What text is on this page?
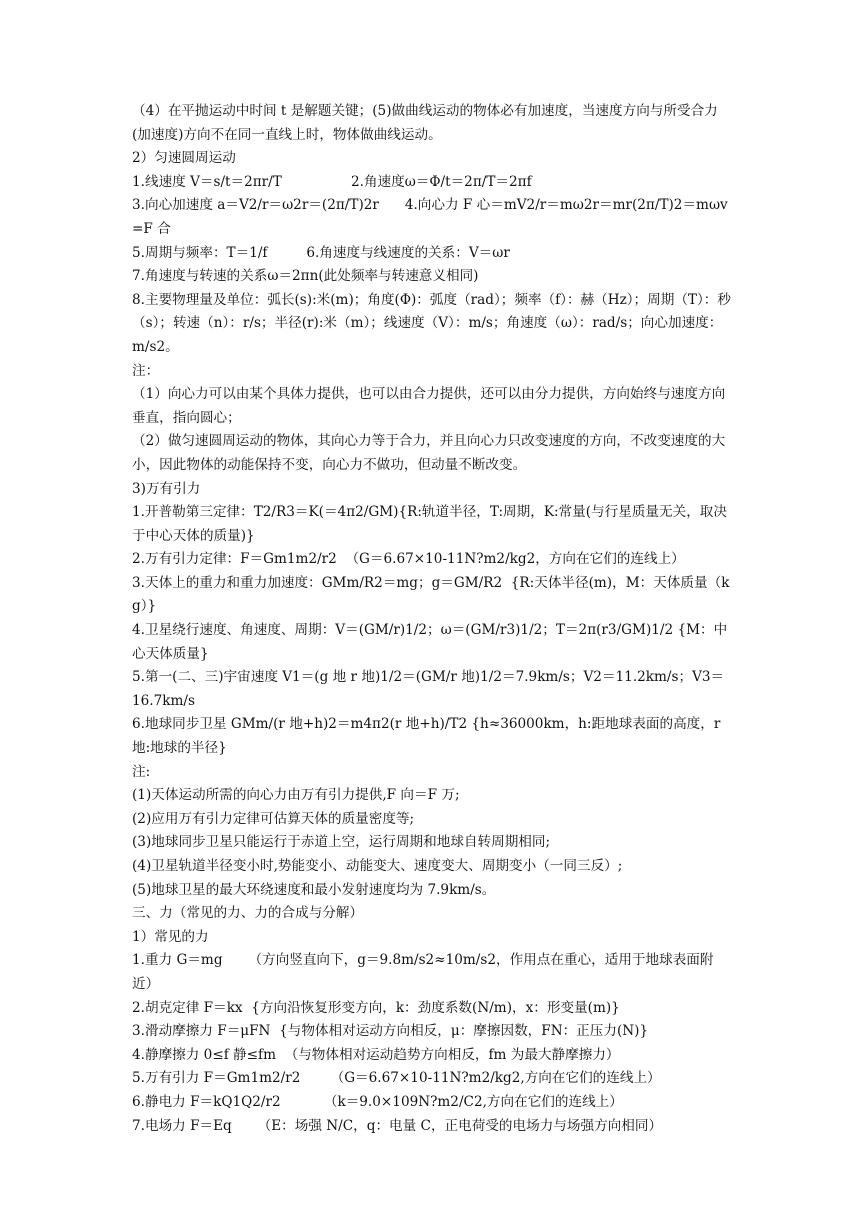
（4）在平抛运动中时间 t 是解题关键；(5)做曲线运动的物体必有加速度，当速度方向与所受合力(加速度)方向不在同一直线上时，物体做曲线运动。

2）匀速圆周运动

1.线速度 V＝s/t＝2πr/T                2.角速度ω＝Φ/t＝2π/T＝2πf

3.向心加速度 a＝V2/r＝ω2r＝(2π/T)2r      4.向心力 F 心＝mV2/r＝mω2r＝mr(2π/T)2＝mωv=F 合

5.周期与频率：T＝1/f         6.角速度与线速度的关系：V＝ωr

7.角速度与转速的关系ω＝2πn(此处频率与转速意义相同)

8.主要物理量及单位：弧长(s):米(m)；角度(Φ)：弧度（rad）；频率（f）：赫（Hz）；周期（T）：秒（s）；转速（n）：r/s；半径(r):米（m）；线速度（V）：m/s；角速度（ω）：rad/s；向心加速度：m/s2。

注：

（1）向心力可以由某个具体力提供，也可以由合力提供，还可以由分力提供，方向始终与速度方向垂直，指向圆心；

（2）做匀速圆周运动的物体，其向心力等于合力，并且向心力只改变速度的方向，不改变速度的大小，因此物体的动能保持不变，向心力不做功，但动量不断改变。

3)万有引力

1.开普勒第三定律：T2/R3＝K(＝4π2/GM){R:轨道半径，T:周期，K:常量(与行星质量无关，取决于中心天体的质量)}

2.万有引力定律：F＝Gm1m2/r2  （G＝6.67×10-11N?m2/kg2，方向在它们的连线上）

3.天体上的重力和重力加速度：GMm/R2＝mg；g＝GM/R2  {R:天体半径(m)，M：天体质量（kg）}

4.卫星绕行速度、角速度、周期：V＝(GM/r)1/2；ω＝(GM/r3)1/2；T＝2π(r3/GM)1/2 {M：中心天体质量}

5.第一(二、三)宇宙速度 V1＝(g 地 r 地)1/2＝(GM/r 地)1/2＝7.9km/s；V2＝11.2km/s；V3＝16.7km/s

6.地球同步卫星 GMm/(r 地+h)2＝m4π2(r 地+h)/T2 {h≈36000km，h:距地球表面的高度，r地:地球的半径}

注:

(1)天体运动所需的向心力由万有引力提供,F 向＝F 万;

(2)应用万有引力定律可估算天体的质量密度等;

(3)地球同步卫星只能运行于赤道上空，运行周期和地球自转周期相同;

(4)卫星轨道半径变小时,势能变小、动能变大、速度变大、周期变小（一同三反）;

(5)地球卫星的最大环绕速度和最小发射速度均为 7.9km/s。

三、力（常见的力、力的合成与分解）

1）常见的力

1.重力 G＝mg      （方向竖直向下，g＝9.8m/s2≈10m/s2，作用点在重心，适用于地球表面附近）

2.胡克定律 F＝kx  {方向沿恢复形变方向，k：劲度系数(N/m)，x：形变量(m)}

3.滑动摩擦力 F＝μFN  {与物体相对运动方向相反，μ：摩擦因数，FN：正压力(N)}

4.静摩擦力 0≤f 静≤fm  （与物体相对运动趋势方向相反，fm 为最大静摩擦力）

5.万有引力 F＝Gm1m2/r2       （G＝6.67×10-11N?m2/kg2,方向在它们的连线上）

6.静电力 F＝kQ1Q2/r2          （k＝9.0×109N?m2/C2,方向在它们的连线上）

7.电场力 F＝Eq      （E：场强 N/C，q：电量 C，正电荷受的电场力与场强方向相同）
